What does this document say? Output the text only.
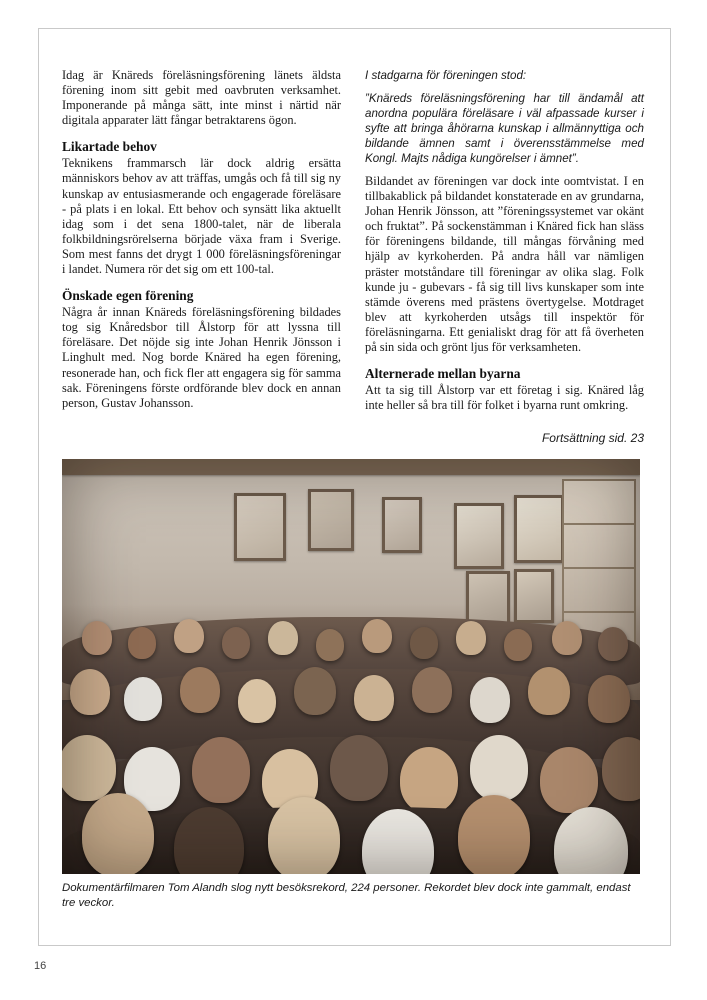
Idag är Knäreds föreläsningsförening länets äldsta förening inom sitt gebit med oavbruten verksamhet. Imponerande på många sätt, inte minst i närtid när digitala apparater lätt fångar betraktarens ögon.

Likartade behov

Teknikens frammarsch lär dock aldrig ersätta människors behov av att träffas, umgås och få till sig ny kunskap av entusiasmerande och engagerade föreläsare - på plats i en lokal. Ett behov och synsätt lika aktuellt idag som i det sena 1800-talet, när de liberala folkbildningsrörelserna började växa fram i Sverige. Som mest fanns det drygt 1 000 föreläsningsföreningar i landet. Numera rör det sig om ett 100-tal.

Önskade egen förening

Några år innan Knäreds föreläsningsförening bildades tog sig Knåredsbor till Ålstorp för att lyssna till föreläsare. Det nöjde sig inte Johan Henrik Jönsson i Linghult med. Nog borde Knäred ha egen förening, resonerade han, och fick fler att engagera sig för samma sak. Föreningens förste ordförande blev dock en annan person, Gustav Johansson.

I stadgarna för föreningen stod:

”Knäreds föreläsningsförening har till ändamål att anordna populära föreläsare i väl afpassade kurser i syfte att bringa åhörarna kunskap i allmännyttiga och bildande ämnen samt i överensstämmelse med Kongl. Majts nådiga kungörelser i ämnet”.

Bildandet av föreningen var dock inte oomtvistat. I en tillbakablick på bildandet konstaterade en av grundarna, Johan Henrik Jönsson, att ”föreningssystemet var okänt och fruktat”. På sockenstämman i Knäred fick han släss för föreningens bildande, till mångas förvåning med hjälp av kyrkoherden. På andra håll var nämligen präster motståndare till föreningar av olika slag. Folk kunde ju - gubevars - få sig till livs kunskaper som inte stämde överens med prästens övertygelse. Motdraget blev att kyrkoherden utsågs till inspektör för föreläsningarna. Ett genialiskt drag för att få överheten på sin sida och grönt ljus för verksamheten.

Alternerade mellan byarna

Att ta sig till Ålstorp var ett företag i sig. Knäred låg inte heller så bra till för folket i byarna runt omkring.

Fortsättning sid. 23
Dokumentärfilmaren Tom Alandh slog nytt besöksrekord, 224 personer. Rekordet blev dock inte gammalt, endast tre veckor.
16
